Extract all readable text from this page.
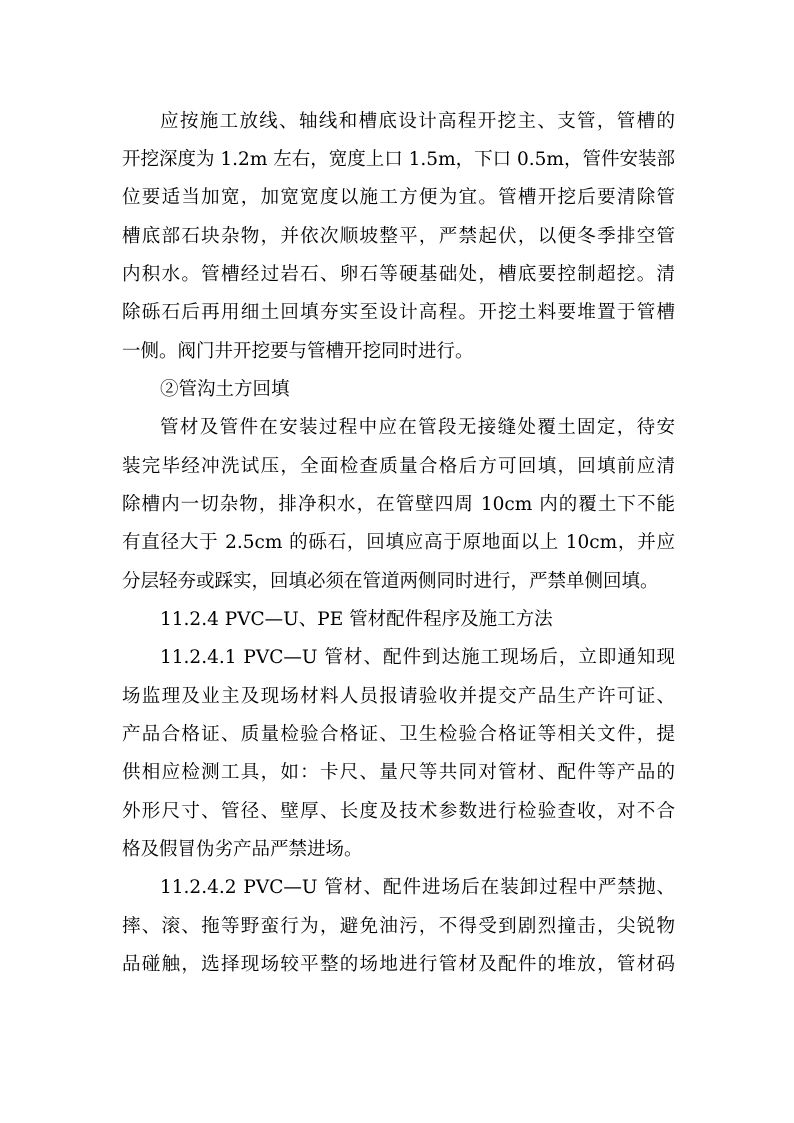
应按施工放线、轴线和槽底设计高程开挖主、支管，管槽的
开挖深度为 1.2m 左右，宽度上口 1.5m，下口 0.5m，管件安装部
位要适当加宽，加宽宽度以施工方便为宜。管槽开挖后要清除管
槽底部石块杂物，并依次顺坡整平，严禁起伏，以便冬季排空管
内积水。管槽经过岩石、卵石等硬基础处，槽底要控制超挖。清
除砾石后再用细土回填夯实至设计高程。开挖土料要堆置于管槽
一侧。阀门井开挖要与管槽开挖同时进行。
②管沟土方回填
管材及管件在安装过程中应在管段无接缝处覆土固定，待安
装完毕经冲洗试压，全面检查质量合格后方可回填，回填前应清
除槽内一切杂物，排净积水，在管壁四周 10cm 内的覆土下不能
有直径大于 2.5cm 的砾石，回填应高于原地面以上 10cm，并应
分层轻夯或踩实，回填必须在管道两侧同时进行，严禁单侧回填。
11.2.4 PVC—U、PE 管材配件程序及施工方法
11.2.4.1 PVC—U 管材、配件到达施工现场后，立即通知现
场监理及业主及现场材料人员报请验收并提交产品生产许可证、
产品合格证、质量检验合格证、卫生检验合格证等相关文件，提
供相应检测工具，如：卡尺、量尺等共同对管材、配件等产品的
外形尺寸、管径、壁厚、长度及技术参数进行检验查收，对不合
格及假冒伪劣产品严禁进场。
11.2.4.2 PVC—U 管材、配件进场后在装卸过程中严禁抛、
摔、滚、拖等野蛮行为，避免油污，不得受到剧烈撞击，尖锐物
品碰触，选择现场较平整的场地进行管材及配件的堆放，管材码
